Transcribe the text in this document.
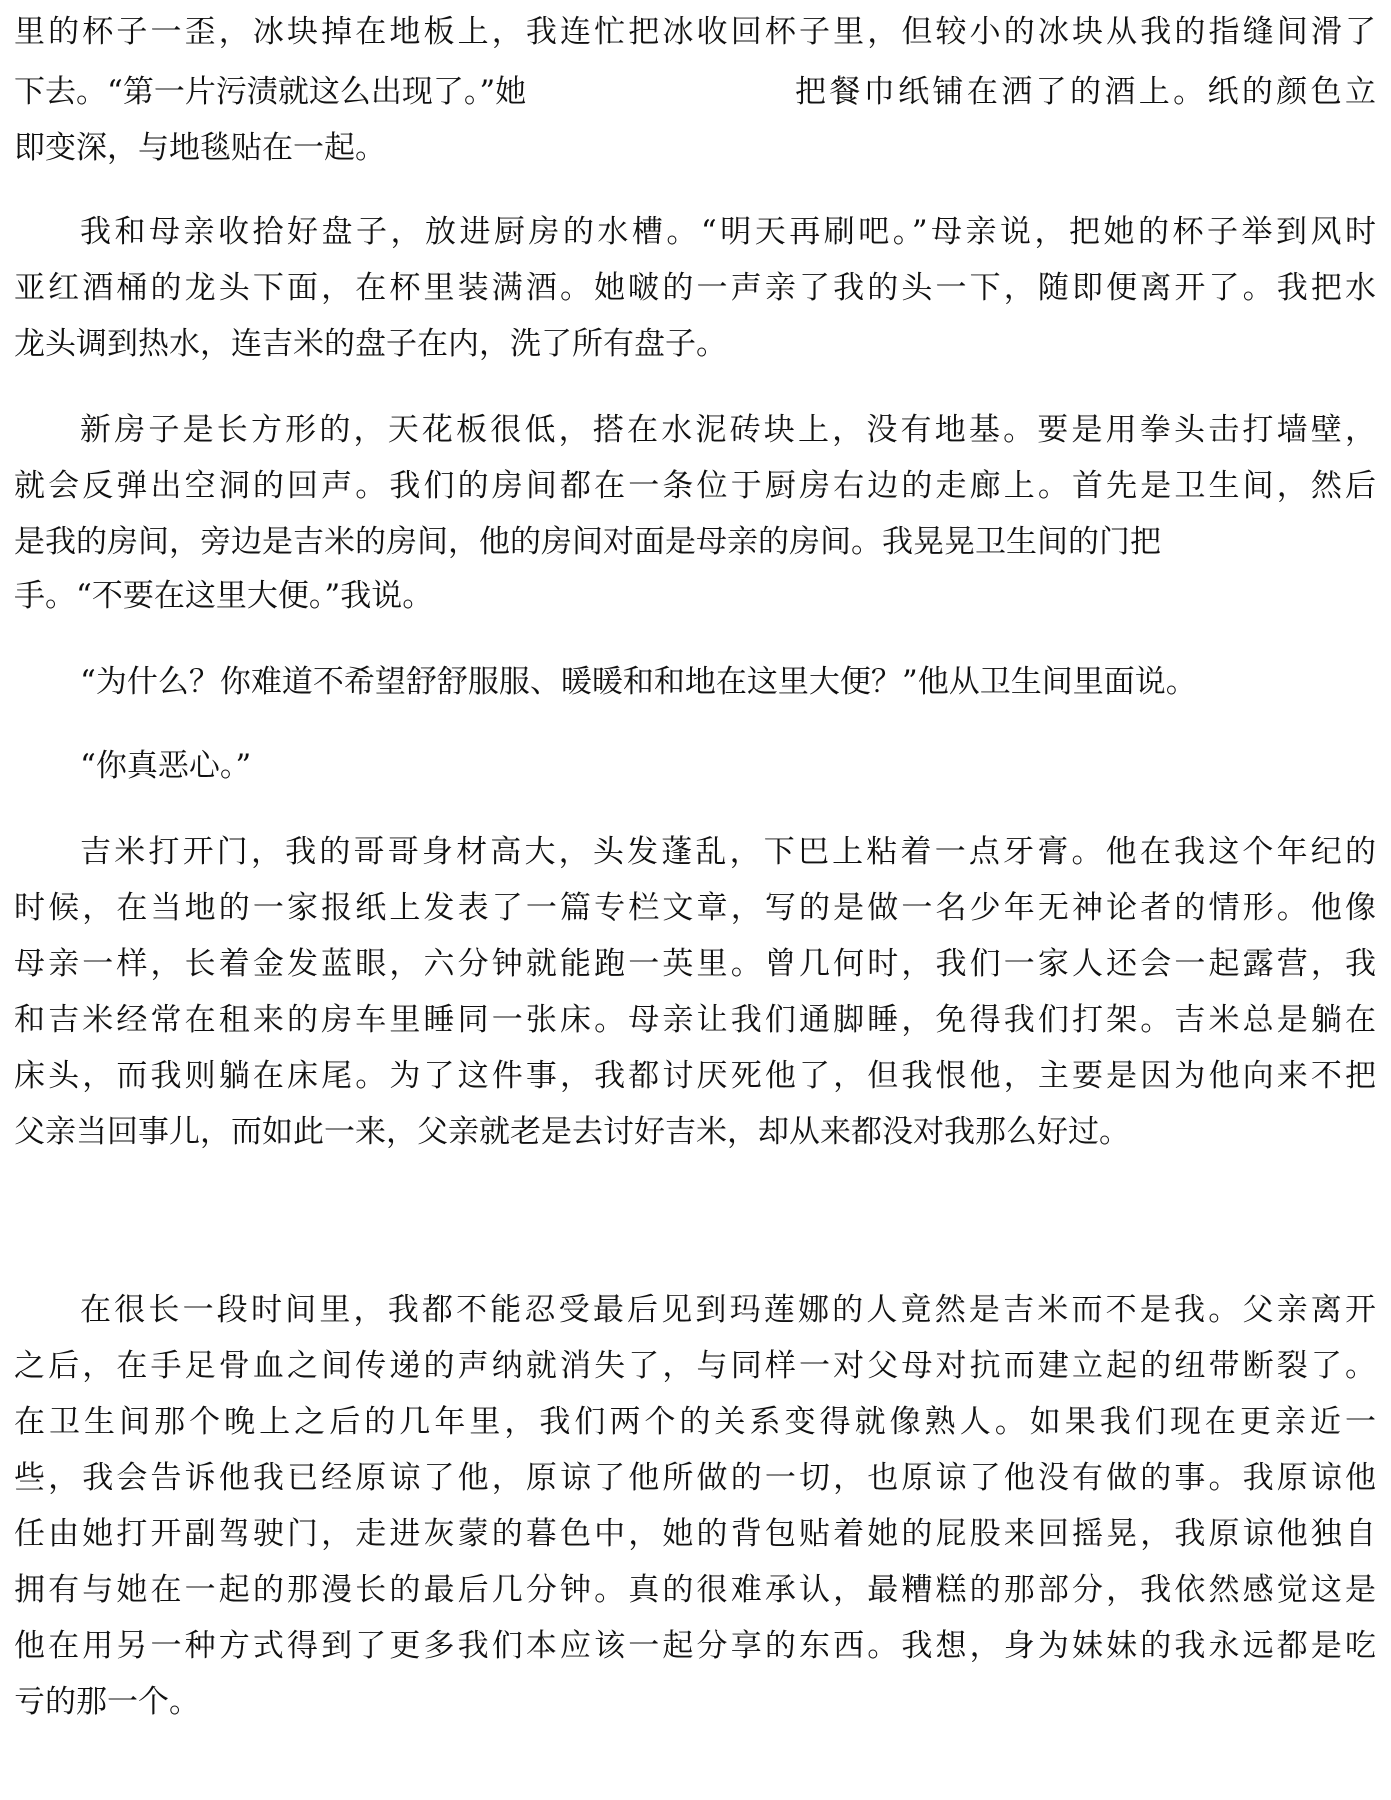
里的杯子一歪，冰块掉在地板上，我连忙把冰收回杯子里，但较小的冰块从我的指缝间滑了
下去。“第一片污渍就这么出现了。”她	把餐巾纸铺在洒了的酒上。纸的颜色立
即变深，与地毯贴在一起。
我和母亲收拾好盘子，放进厨房的水槽。“明天再刷吧。”母亲说，把她的杯子举到风时
亚红酒桶的龙头下面，在杯里装满酒。她啵的一声亲了我的头一下，随即便离开了。我把水
龙头调到热水，连吉米的盘子在内，洗了所有盘子。
新房子是长方形的，天花板很低，搭在水泥砖块上，没有地基。要是用拳头击打墙壁，
就会反弹出空洞的回声。我们的房间都在一条位于厨房右边的走廊上。首先是卫生间，然后
是我的房间，旁边是吉米的房间，他的房间对面是母亲的房间。我晃晃卫生间的门把
手。“不要在这里大便。”我说。
“为什么？你难道不希望舒舒服服、暖暖和和地在这里大便？”他从卫生间里面说。
“你真恶心。”
吉米打开门，我的哥哥身材高大，头发蓬乱，下巴上粘着一点牙膏。他在我这个年纪的
时候，在当地的一家报纸上发表了一篇专栏文章，写的是做一名少年无神论者的情形。他像
母亲一样，长着金发蓝眼，六分钟就能跑一英里。曾几何时，我们一家人还会一起露营，我
和吉米经常在租来的房车里睡同一张床。母亲让我们通脚睡，免得我们打架。吉米总是躺在
床头，而我则躺在床尾。为了这件事，我都讨厌死他了，但我恨他，主要是因为他向来不把
父亲当回事儿，而如此一来，父亲就老是去讨好吉米，却从来都没对我那么好过。
在很长一段时间里，我都不能忍受最后见到玛莲娜的人竟然是吉米而不是我。父亲离开
之后，在手足骨血之间传递的声纳就消失了，与同样一对父母对抗而建立起的纽带断裂了。
在卫生间那个晚上之后的几年里，我们两个的关系变得就像熟人。如果我们现在更亲近一
些，我会告诉他我已经原谅了他，原谅了他所做的一切，也原谅了他没有做的事。我原谅他
任由她打开副驾驶门，走进灰蒙的暮色中，她的背包贴着她的屁股来回摇晃，我原谅他独自
拥有与她在一起的那漫长的最后几分钟。真的很难承认，最糟糕的那部分，我依然感觉这是
他在用另一种方式得到了更多我们本应该一起分享的东西。我想，身为妹妹的我永远都是吃
亏的那一个。
